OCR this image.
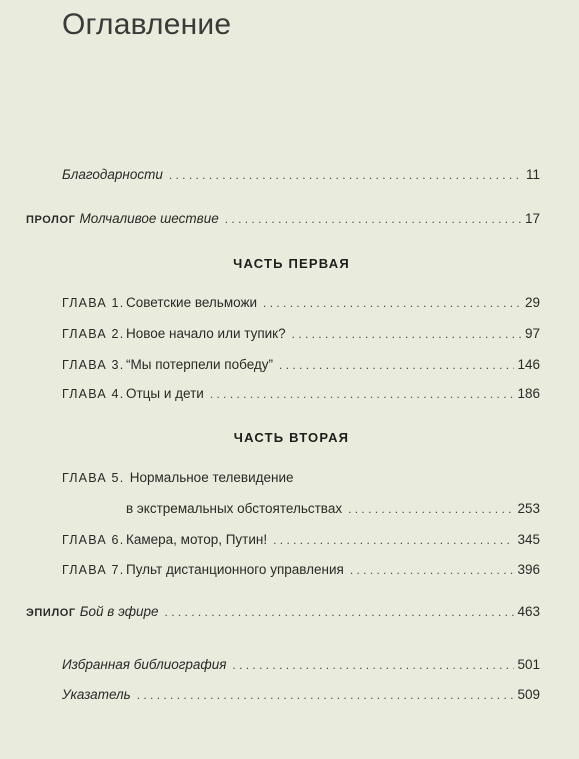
Оглавление
Благодарности . . .	11
ПРОЛОГ Молчаливое шествие . . .	17
ЧАСТЬ ПЕРВАЯ
ГЛАВА 1. Советские вельможи . . .	29
ГЛАВА 2. Новое начало или тупик? . . .	97
ГЛАВА 3. “Мы потерпели победу” . . .	146
ГЛАВА 4. Отцы и дети . . .	186
ЧАСТЬ ВТОРАЯ
ГЛАВА 5. Нормальное телевидение
в экстремальных обстоятельствах . . .	253
ГЛАВА 6. Камера, мотор, Путин! . . .	345
ГЛАВА 7. Пульт дистанционного управления . . .	396
ЭПИЛОГ Бой в эфире . . .	463
Избранная библиография . . .	501
Указатель . . .	509
